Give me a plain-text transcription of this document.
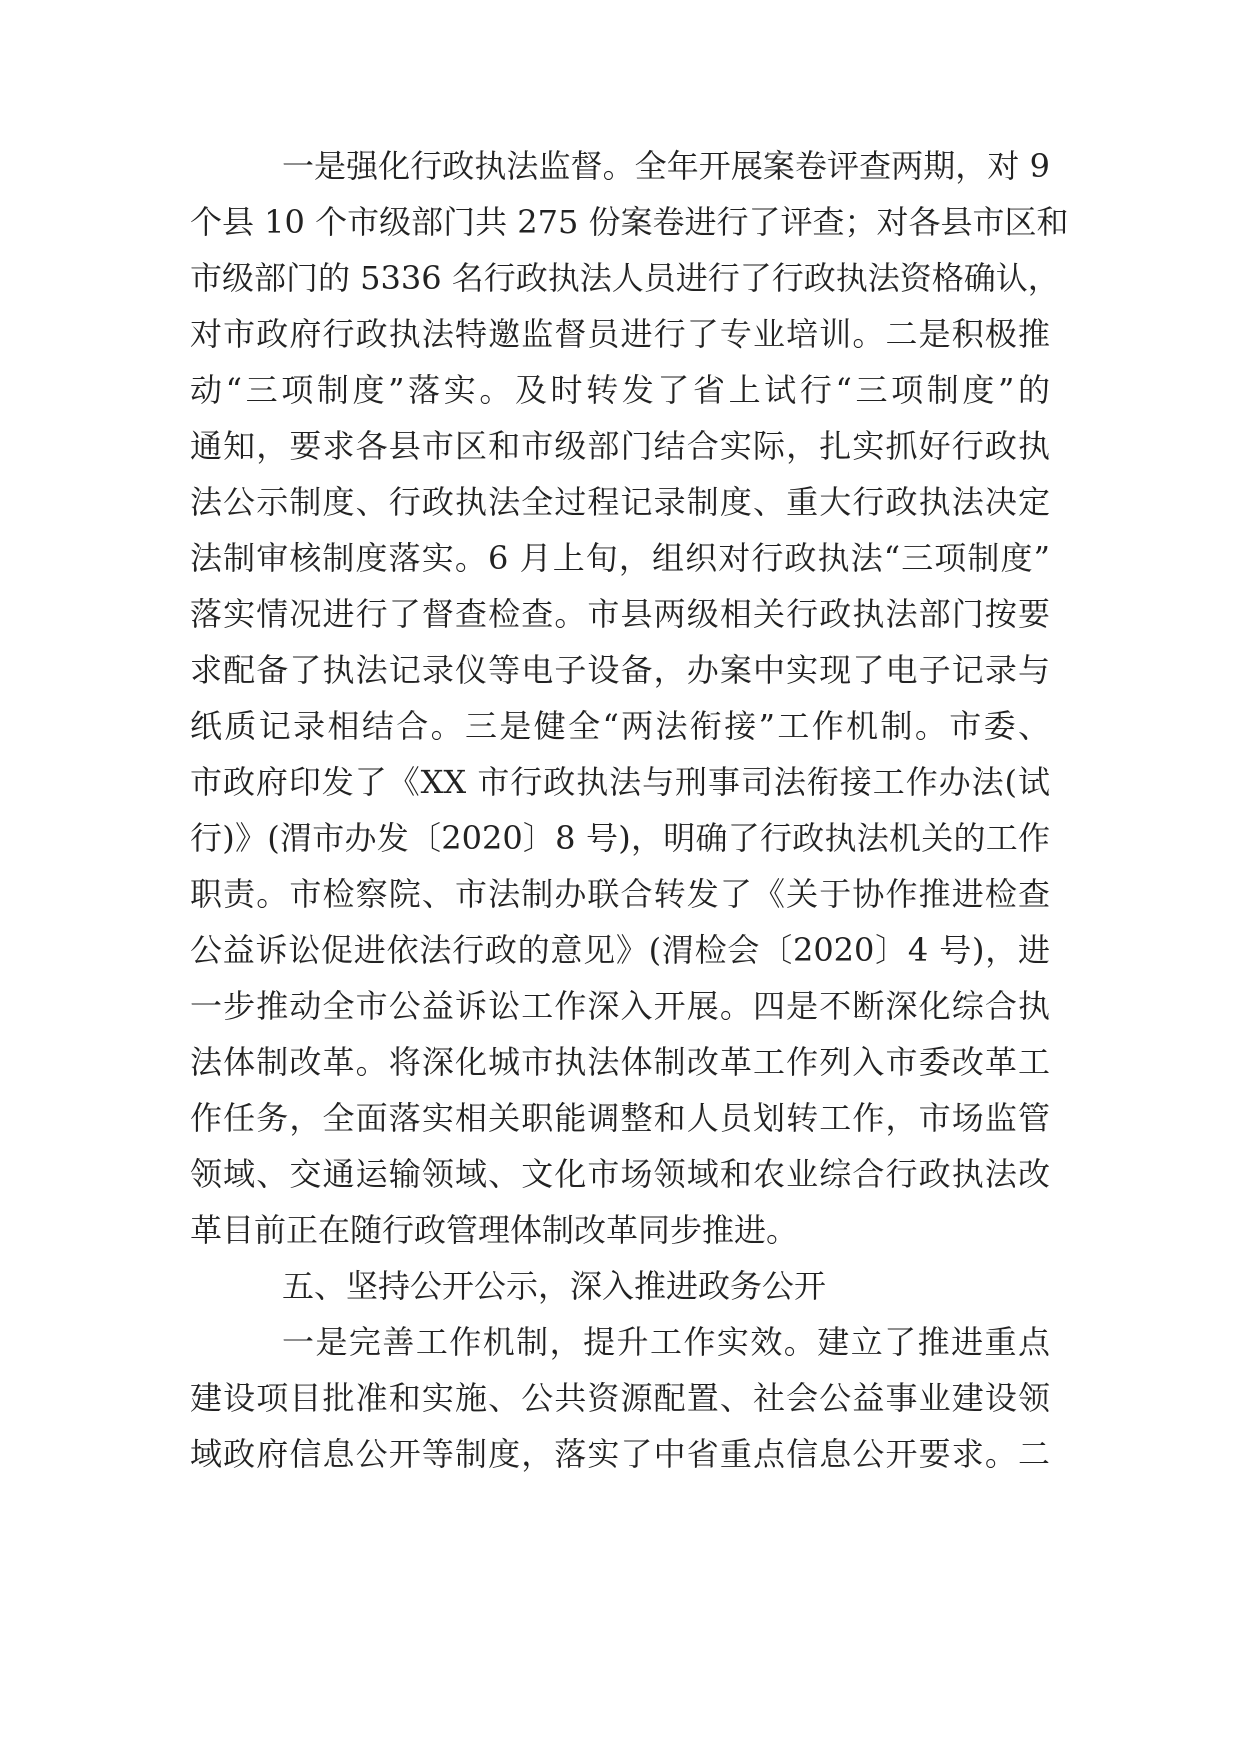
一是强化行政执法监督。全年开展案卷评查两期，对 9
个县 10 个市级部门共 275 份案卷进行了评查；对各县市区和
市级部门的 5336 名行政执法人员进行了行政执法资格确认，
对市政府行政执法特邀监督员进行了专业培训。二是积极推
动“三项制度”落实。及时转发了省上试行“三项制度”的
通知，要求各县市区和市级部门结合实际，扎实抓好行政执
法公示制度、行政执法全过程记录制度、重大行政执法决定
法制审核制度落实。6 月上旬，组织对行政执法“三项制度”
落实情况进行了督查检查。市县两级相关行政执法部门按要
求配备了执法记录仪等电子设备，办案中实现了电子记录与
纸质记录相结合。三是健全“两法衔接”工作机制。市委、
市政府印发了《XX 市行政执法与刑事司法衔接工作办法(试
行)》(渭市办发〔2020〕8 号)，明确了行政执法机关的工作
职责。市检察院、市法制办联合转发了《关于协作推进检查
公益诉讼促进依法行政的意见》(渭检会〔2020〕4 号)，进
一步推动全市公益诉讼工作深入开展。四是不断深化综合执
法体制改革。将深化城市执法体制改革工作列入市委改革工
作任务，全面落实相关职能调整和人员划转工作，市场监管
领域、交通运输领域、文化市场领域和农业综合行政执法改
革目前正在随行政管理体制改革同步推进。
五、坚持公开公示，深入推进政务公开
一是完善工作机制，提升工作实效。建立了推进重点
建设项目批准和实施、公共资源配置、社会公益事业建设领
域政府信息公开等制度，落实了中省重点信息公开要求。二
